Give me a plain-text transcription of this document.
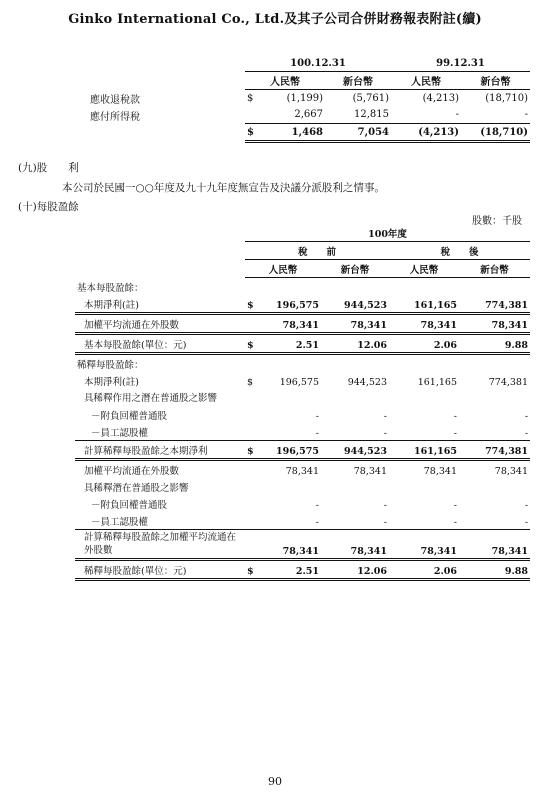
Ginko International Co., Ltd.及其子公司合併財務報表附註(續)
	100.12.31			99.12.31	
	人民幣		新台幣	人民幣	新台幣
應收退稅款	$	(1,199)	(5,761)	(4,213)	(18,710)
應付所得稅		2,667	12,815	-	-
	$	1,468	7,054	(4,213)	(18,710)
(九)股　　利
本公司於民國一○○年度及九十九年度無宣告及決議分派股利之情事。
(十)每股盈餘
股數：千股
	100年度				
	稅　　前			稅　　後	
	人民幣		新台幣	人民幣	新台幣
基本每股盈餘：					
本期淨利(註)	$	196,575	944,523	161,165	774,381
加權平均流通在外股數		78,341	78,341	78,341	78,341
基本每股盈餘(單位：元)	$	2.51	12.06	2.06	9.88
稀釋每股盈餘：					
本期淨利(註)	$	196,575	944,523	161,165	774,381
具稀釋作用之潛在普通股之影響					
－附負回權普通股		-	-	-	-
－員工認股權		-	-	-	-
計算稀釋每股盈餘之本期淨利	$	196,575	944,523	161,165	774,381
加權平均流通在外股數		78,341	78,341	78,341	78,341
具稀釋潛在普通股之影響					
－附負回權普通股		-	-	-	-
－員工認股權		-	-	-	-
計算稀釋每股盈餘之加權平均流通在外股數		78,341	78,341	78,341	78,341
稀釋每股盈餘(單位：元)	$	2.51	12.06	2.06	9.88
90
